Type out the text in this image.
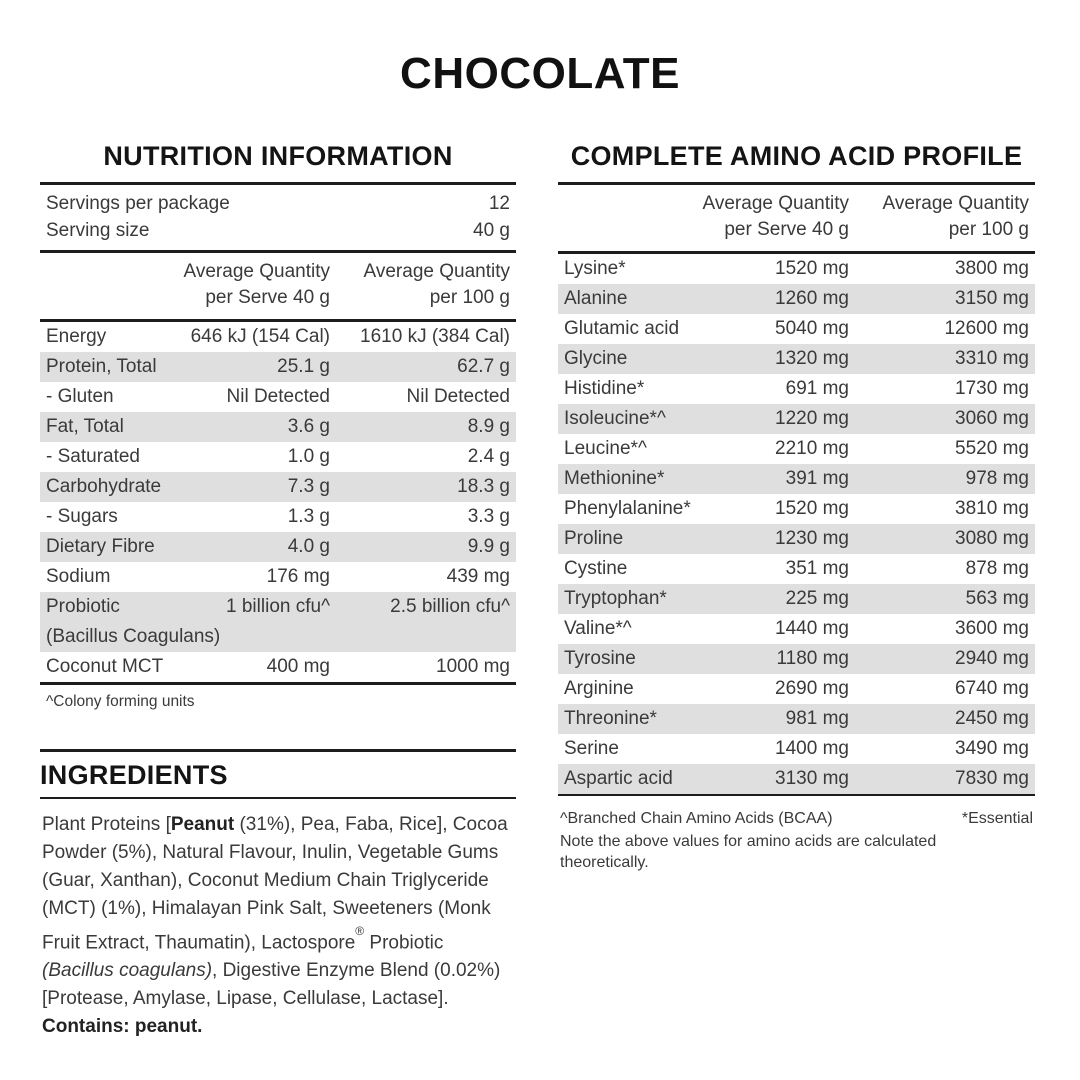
CHOCOLATE
NUTRITION INFORMATION
Servings per package	12
Serving size	40 g
Average Quantity
per Serve 40 g
Average Quantity
per 100 g
Energy	646 kJ (154 Cal)	1610 kJ (384 Cal)
Protein, Total	25.1 g	62.7 g
- Gluten	Nil Detected	Nil Detected
Fat, Total	3.6 g	8.9 g
- Saturated	1.0 g	2.4 g
Carbohydrate	7.3 g	18.3 g
- Sugars	1.3 g	3.3 g
Dietary Fibre	4.0 g	9.9 g
Sodium	176 mg	439 mg
Probiotic	1 billion cfu^	2.5 billion cfu^
(Bacillus Coagulans)
Coconut MCT	400 mg	1000 mg
^Colony forming units
INGREDIENTS

Plant Proteins [Peanut (31%), Pea, Faba, Rice], Cocoa Powder (5%), Natural Flavour, Inulin, Vegetable Gums (Guar, Xanthan), Coconut Medium Chain Triglyceride (MCT) (1%), Himalayan Pink Salt, Sweeteners (Monk Fruit Extract, Thaumatin), Lactospore® Probiotic (Bacillus coagulans), Digestive Enzyme Blend (0.02%) [Protease, Amylase, Lipase, Cellulase, Lactase].

Contains: peanut.

COMPLETE AMINO ACID PROFILE
Average Quantity
per Serve 40 g
Average Quantity
per 100 g
Lysine*	1520 mg	3800 mg
Alanine	1260 mg	3150 mg
Glutamic acid	5040 mg	12600 mg
Glycine	1320 mg	3310 mg
Histidine*	691 mg	1730 mg
Isoleucine*^	1220 mg	3060 mg
Leucine*^	2210 mg	5520 mg
Methionine*	391 mg	978 mg
Phenylalanine*	1520 mg	3810 mg
Proline	1230 mg	3080 mg
Cystine	351 mg	878 mg
Tryptophan*	225 mg	563 mg
Valine*^	1440 mg	3600 mg
Tyrosine	1180 mg	2940 mg
Arginine	2690 mg	6740 mg
Threonine*	981 mg	2450 mg
Serine	1400 mg	3490 mg
Aspartic acid	3130 mg	7830 mg
^Branched Chain Amino Acids (BCAA)	*Essential

Note the above values for amino acids are calculated theoretically.
